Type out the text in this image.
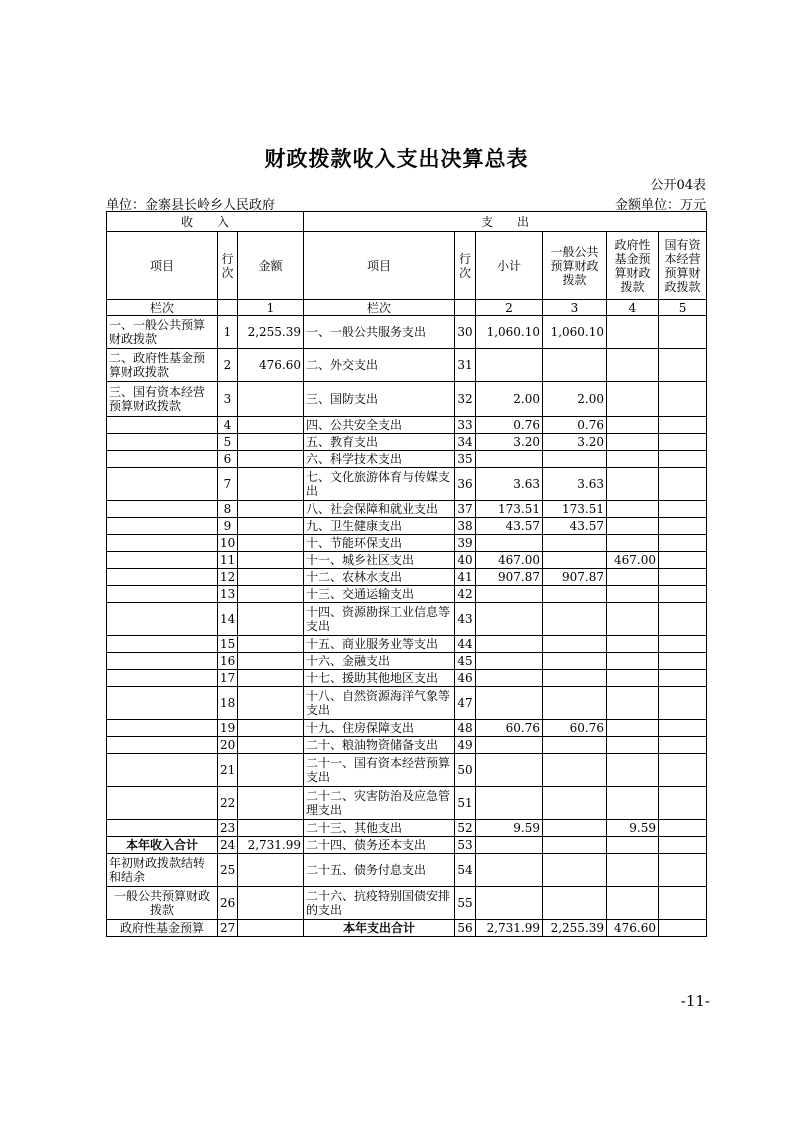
财政拨款收入支出决算总表
公开04表
单位：金寨县长岭乡人民政府	金额单位：万元
收　　入			支　　出					
项目	行次	金额	项目	行次	小计	一般公共预算财政拨款	政府性基金预算财政拨款	国有资本经营预算财政拨款
栏次		1	栏次		2	3	4	5
一、一般公共预算财政拨款	1	2,255.39	一、一般公共服务支出	30	1,060.10	1,060.10		
二、政府性基金预算财政拨款	2	476.60	二、外交支出	31				
三、国有资本经营预算财政拨款	3		三、国防支出	32	2.00	2.00		
	4		四、公共安全支出	33	0.76	0.76		
	5		五、教育支出	34	3.20	3.20		
	6		六、科学技术支出	35				
	7		七、文化旅游体育与传媒支出	36	3.63	3.63		
	8		八、社会保障和就业支出	37	173.51	173.51		
	9		九、卫生健康支出	38	43.57	43.57		
	10		十、节能环保支出	39				
	11		十一、城乡社区支出	40	467.00		467.00	
	12		十二、农林水支出	41	907.87	907.87		
	13		十三、交通运输支出	42				
	14		十四、资源勘探工业信息等支出	43				
	15		十五、商业服务业等支出	44				
	16		十六、金融支出	45				
	17		十七、援助其他地区支出	46				
	18		十八、自然资源海洋气象等支出	47				
	19		十九、住房保障支出	48	60.76	60.76		
	20		二十、粮油物资储备支出	49				
	21		二十一、国有资本经营预算支出	50				
	22		二十二、灾害防治及应急管理支出	51				
	23		二十三、其他支出	52	9.59		9.59	
本年收入合计	24	2,731.99	二十四、债务还本支出	53				
年初财政拨款结转和结余	25		二十五、债务付息支出	54				
一般公共预算财政拨款	26		二十六、抗疫特别国债安排的支出	55				
政府性基金预算	27		本年支出合计	56	2,731.99	2,255.39	476.60	
-11-
